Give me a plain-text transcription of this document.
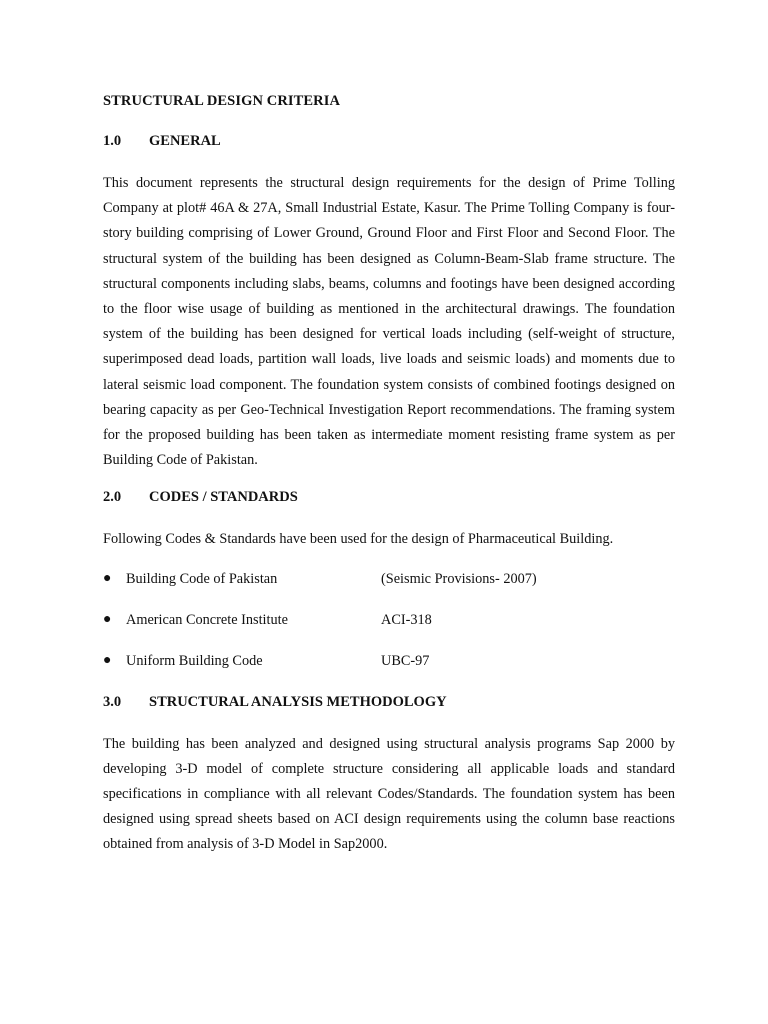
STRUCTURAL DESIGN CRITERIA
1.0	GENERAL

This document represents the structural design requirements for the design of Prime Tolling Company at plot# 46A & 27A, Small Industrial Estate, Kasur. The Prime Tolling Company is four-story building comprising of Lower Ground, Ground Floor and First Floor and Second Floor. The structural system of the building has been designed as Column-Beam-Slab frame structure. The structural components including slabs, beams, columns and footings have been designed according to the floor wise usage of building as mentioned in the architectural drawings. The foundation system of the building has been designed for vertical loads including (self-weight of structure, superimposed dead loads, partition wall loads, live loads and seismic loads) and moments due to lateral seismic load component. The foundation system consists of combined footings designed on bearing capacity as per Geo-Technical Investigation Report recommendations. The framing system for the proposed building has been taken as intermediate moment resisting frame system as per Building Code of Pakistan.

2.0	CODES / STANDARDS

Following Codes & Standards have been used for the design of Pharmaceutical Building.

●	Building Code of Pakistan	(Seismic Provisions- 2007)
●	American Concrete Institute	ACI-318
●	Uniform Building Code	UBC-97
3.0	STRUCTURAL ANALYSIS METHODOLOGY

The building has been analyzed and designed using structural analysis programs Sap 2000 by developing 3-D model of complete structure considering all applicable loads and standard specifications in compliance with all relevant Codes/Standards. The foundation system has been designed using spread sheets based on ACI design requirements using the column base reactions obtained from analysis of 3-D Model in Sap2000.
